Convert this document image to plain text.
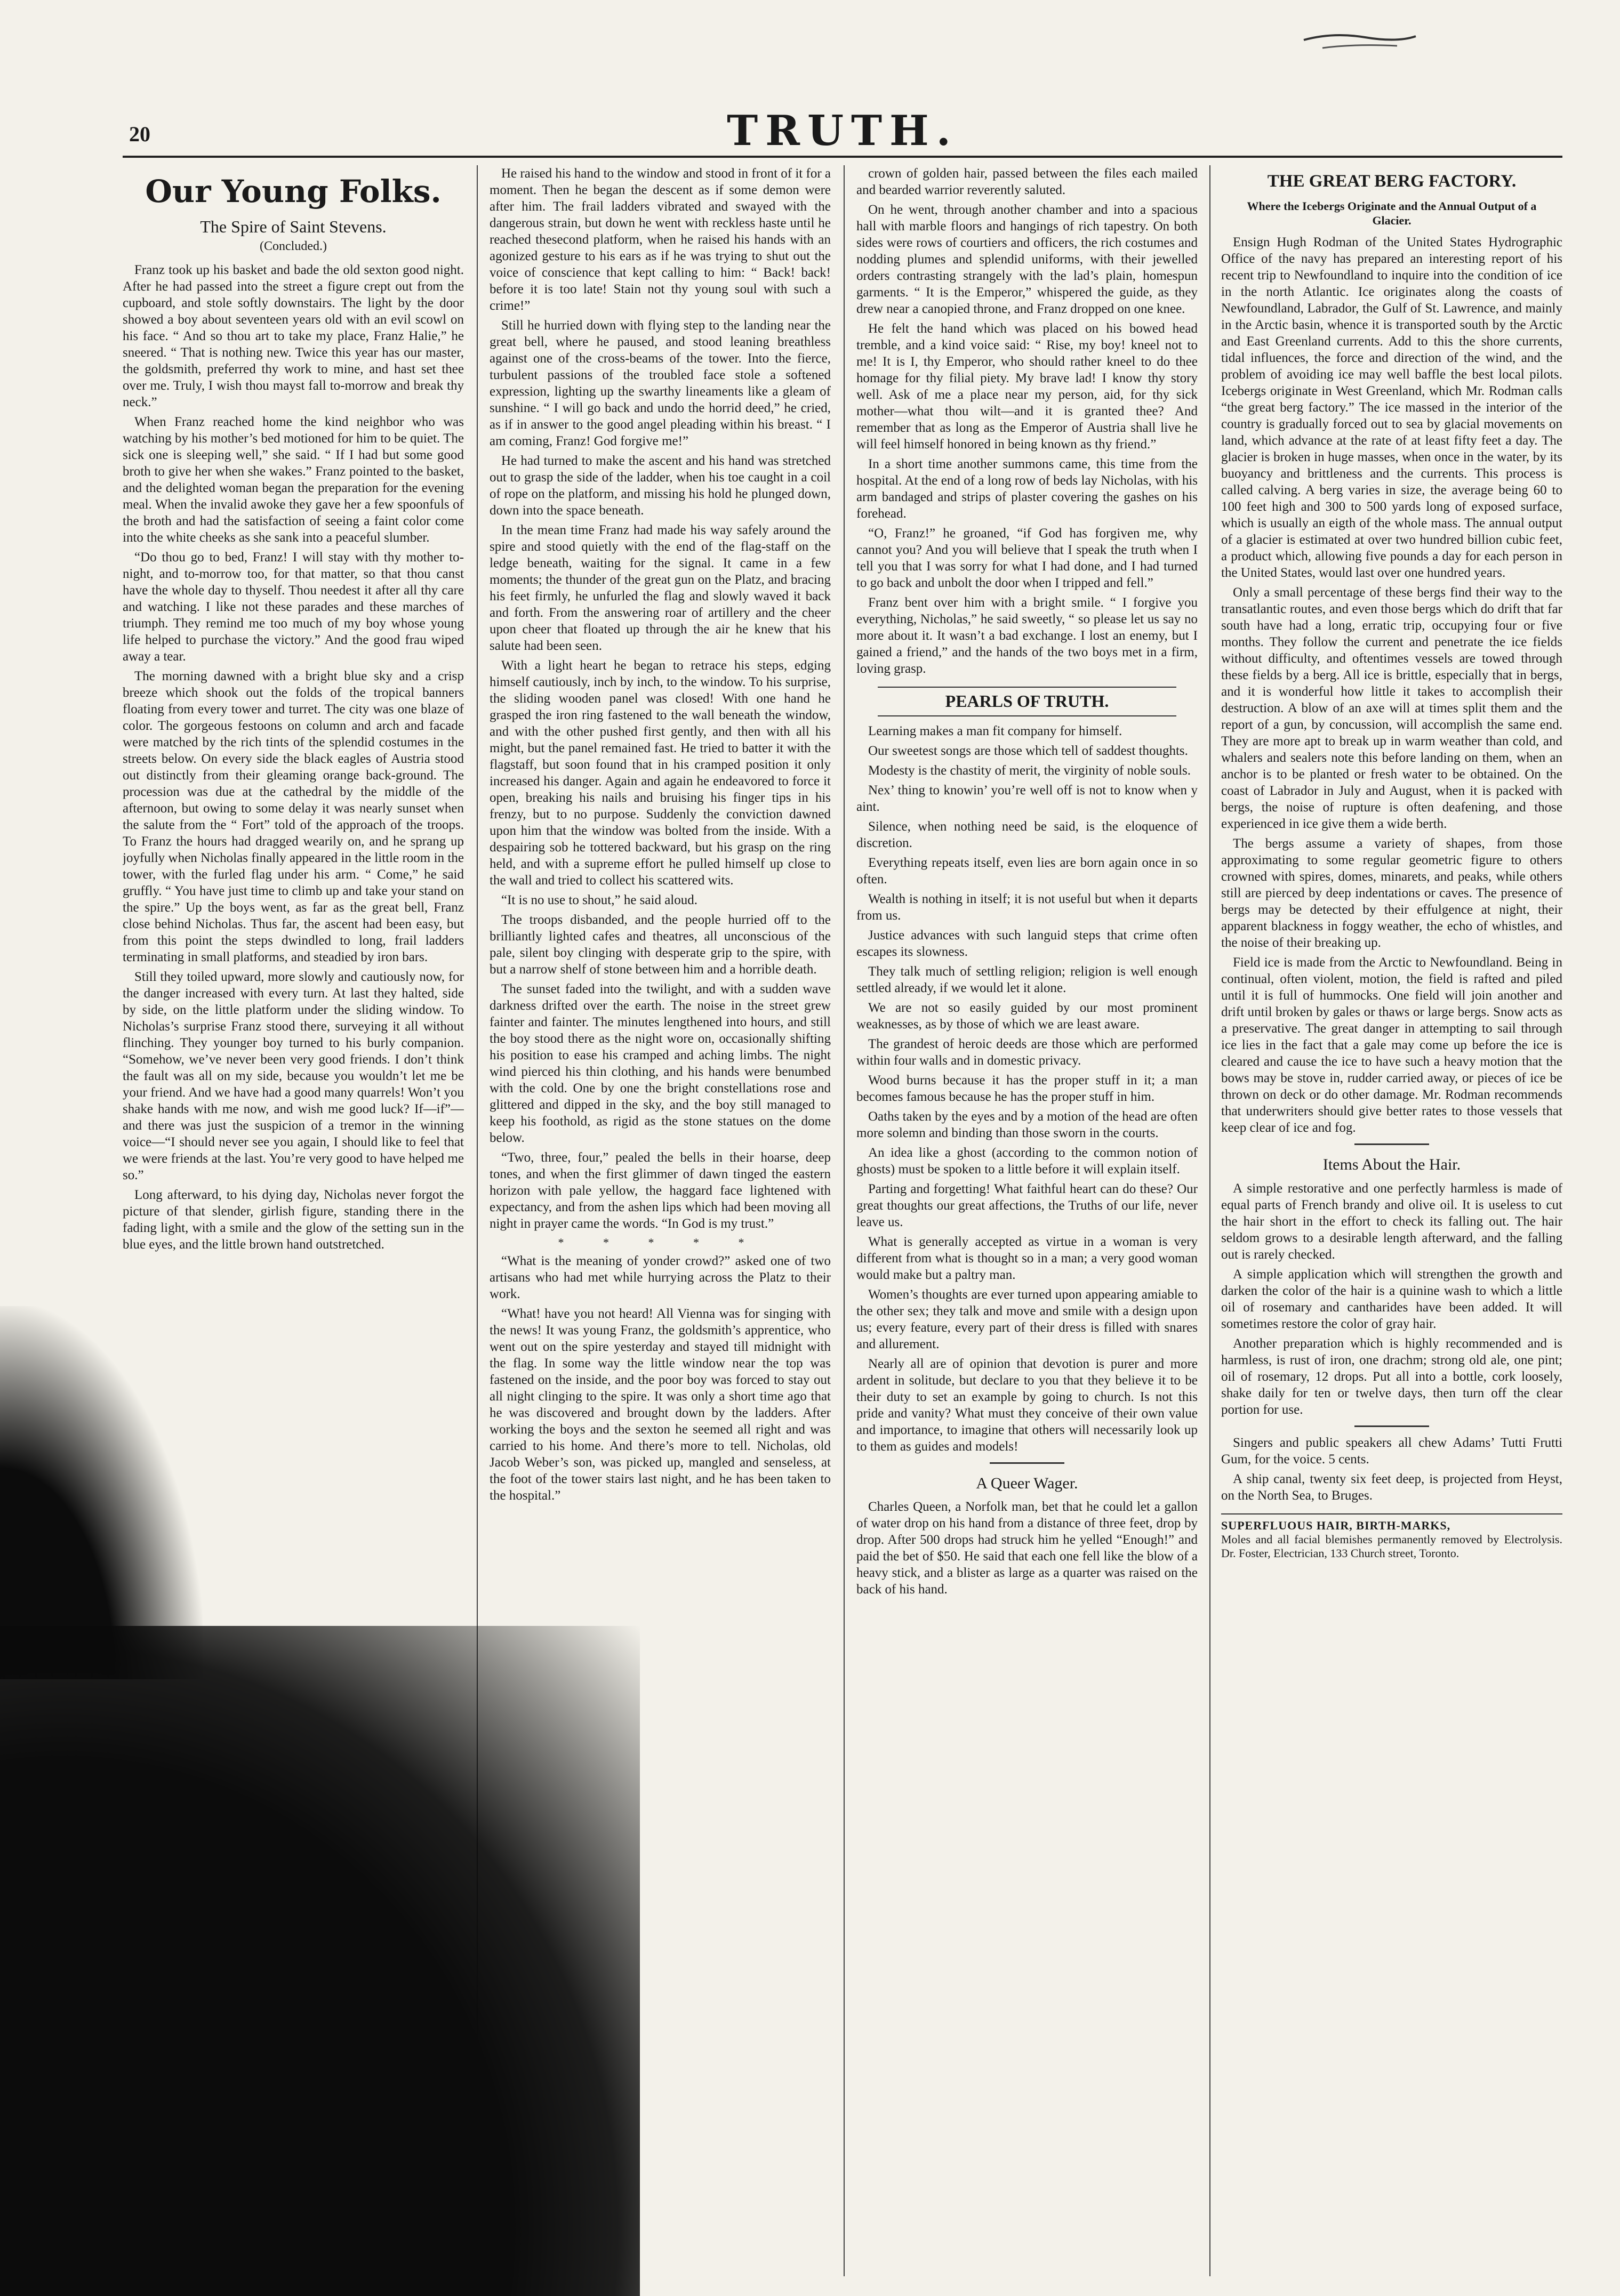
20	TRUTH.
Our Young Folks.
The Spire of Saint Stevens.
(Concluded.)

Franz took up his basket and bade the old sexton good night. After he had passed into the street a figure crept out from the cupboard, and stole softly downstairs. The light by the door showed a boy about seventeen years old with an evil scowl on his face. “ And so thou art to take my place, Franz Halie,” he sneered. “ That is nothing new. Twice this year has our master, the goldsmith, preferred thy work to mine, and hast set thee over me. Truly, I wish thou mayst fall to-morrow and break thy neck.”

When Franz reached home the kind neighbor who was watching by his mother’s bed motioned for him to be quiet. The sick one is sleeping well,” she said. “ If I had but some good broth to give her when she wakes.” Franz pointed to the basket, and the delighted woman began the preparation for the evening meal. When the invalid awoke they gave her a few spoonfuls of the broth and had the satisfaction of seeing a faint color come into the white cheeks as she sank into a peaceful slumber.

“Do thou go to bed, Franz! I will stay with thy mother to-night, and to-morrow too, for that matter, so that thou canst have the whole day to thyself. Thou needest it after all thy care and watching. I like not these parades and these marches of triumph. They remind me too much of my boy whose young life helped to purchase the victory.” And the good frau wiped away a tear.

The morning dawned with a bright blue sky and a crisp breeze which shook out the folds of the tropical banners floating from every tower and turret. The city was one blaze of color. The gorgeous festoons on column and arch and facade were matched by the rich tints of the splendid costumes in the streets below. On every side the black eagles of Austria stood out distinctly from their gleaming orange back-ground. The procession was due at the cathedral by the middle of the afternoon, but owing to some delay it was nearly sunset when the salute from the “ Fort” told of the approach of the troops. To Franz the hours had dragged wearily on, and he sprang up joyfully when Nicholas finally appeared in the little room in the tower, with the furled flag under his arm. “ Come,” he said gruffly. “ You have just time to climb up and take your stand on the spire.” Up the boys went, as far as the great bell, Franz close behind Nicholas. Thus far, the ascent had been easy, but from this point the steps dwindled to long, frail ladders terminating in small platforms, and steadied by iron bars.

Still they toiled upward, more slowly and cautiously now, for the danger increased with every turn. At last they halted, side by side, on the little platform under the sliding window. To Nicholas’s surprise Franz stood there, surveying it all without flinching. They younger boy turned to his burly companion. “Somehow, we’ve never been very good friends. I don’t think the fault was all on my side, because you wouldn’t let me be your friend. And we have had a good many quarrels! Won’t you shake hands with me now, and wish me good luck? If—if”—and there was just the suspicion of a tremor in the winning voice—“I should never see you again, I should like to feel that we were friends at the last. You’re very good to have helped me so.”

Long afterward, to his dying day, Nicholas never forgot the picture of that slender, girlish figure, standing there in the fading light, with a smile and the glow of the setting sun in the blue eyes, and the little brown hand outstretched.

He raised his hand to the window and stood in front of it for a moment. Then he began the descent as if some demon were after him. The frail ladders vibrated and swayed with the dangerous strain, but down he went with reckless haste until he reached thesecond platform, when he raised his hands with an agonized gesture to his ears as if he was trying to shut out the voice of conscience that kept calling to him: “ Back! back! before it is too late! Stain not thy young soul with such a crime!”

Still he hurried down with flying step to the landing near the great bell, where he paused, and stood leaning breathless against one of the cross-beams of the tower. Into the fierce, turbulent passions of the troubled face stole a softened expression, lighting up the swarthy lineaments like a gleam of sunshine. “ I will go back and undo the horrid deed,” he cried, as if in answer to the good angel pleading within his breast. “ I am coming, Franz! God forgive me!”

He had turned to make the ascent and his hand was stretched out to grasp the side of the ladder, when his toe caught in a coil of rope on the platform, and missing his hold he plunged down, down into the space beneath.

In the mean time Franz had made his way safely around the spire and stood quietly with the end of the flag-staff on the ledge beneath, waiting for the signal. It came in a few moments; the thunder of the great gun on the Platz, and bracing his feet firmly, he unfurled the flag and slowly waved it back and forth. From the answering roar of artillery and the cheer upon cheer that floated up through the air he knew that his salute had been seen.

With a light heart he began to retrace his steps, edging himself cautiously, inch by inch, to the window. To his surprise, the sliding wooden panel was closed! With one hand he grasped the iron ring fastened to the wall beneath the window, and with the other pushed first gently, and then with all his might, but the panel remained fast. He tried to batter it with the flagstaff, but soon found that in his cramped position it only increased his danger. Again and again he endeavored to force it open, breaking his nails and bruising his finger tips in his frenzy, but to no purpose. Suddenly the conviction dawned upon him that the window was bolted from the inside. With a despairing sob he tottered backward, but his grasp on the ring held, and with a supreme effort he pulled himself up close to the wall and tried to collect his scattered wits.

“It is no use to shout,” he said aloud.

The troops disbanded, and the people hurried off to the brilliantly lighted cafes and theatres, all unconscious of the pale, silent boy clinging with desperate grip to the spire, with but a narrow shelf of stone between him and a horrible death.

The sunset faded into the twilight, and with a sudden wave darkness drifted over the earth. The noise in the street grew fainter and fainter. The minutes lengthened into hours, and still the boy stood there as the night wore on, occasionally shifting his position to ease his cramped and aching limbs. The night wind pierced his thin clothing, and his hands were benumbed with the cold. One by one the bright constellations rose and glittered and dipped in the sky, and the boy still managed to keep his foothold, as rigid as the stone statues on the dome below.

“Two, three, four,” pealed the bells in their hoarse, deep tones, and when the first glimmer of dawn tinged the eastern horizon with pale yellow, the haggard face lightened with expectancy, and from the ashen lips which had been moving all night in prayer came the words. “In God is my trust.”

* * * * *

“What is the meaning of yonder crowd?” asked one of two artisans who had met while hurrying across the Platz to their work.

“What! have you not heard! All Vienna was for singing with the news! It was young Franz, the goldsmith’s apprentice, who went out on the spire yesterday and stayed till midnight with the flag. In some way the little window near the top was fastened on the inside, and the poor boy was forced to stay out all night clinging to the spire. It was only a short time ago that he was discovered and brought down by the ladders. After working the boys and the sexton he seemed all right and was carried to his home. And there’s more to tell. Nicholas, old Jacob Weber’s son, was picked up, mangled and senseless, at the foot of the tower stairs last night, and he has been taken to the hospital.”

crown of golden hair, passed between the files each mailed and bearded warrior reverently saluted.

On he went, through another chamber and into a spacious hall with marble floors and hangings of rich tapestry. On both sides were rows of courtiers and officers, the rich costumes and nodding plumes and splendid uniforms, with their jewelled orders contrasting strangely with the lad’s plain, homespun garments. “ It is the Emperor,” whispered the guide, as they drew near a canopied throne, and Franz dropped on one knee.

He felt the hand which was placed on his bowed head tremble, and a kind voice said: “ Rise, my boy! kneel not to me! It is I, thy Emperor, who should rather kneel to do thee homage for thy filial piety. My brave lad! I know thy story well. Ask of me a place near my person, aid, for thy sick mother—what thou wilt—and it is granted thee? And remember that as long as the Emperor of Austria shall live he will feel himself honored in being known as thy friend.”

In a short time another summons came, this time from the hospital. At the end of a long row of beds lay Nicholas, with his arm bandaged and strips of plaster covering the gashes on his forehead.

“O, Franz!” he groaned, “if God has forgiven me, why cannot you? And you will believe that I speak the truth when I tell you that I was sorry for what I had done, and I had turned to go back and unbolt the door when I tripped and fell.”

Franz bent over him with a bright smile. “ I forgive you everything, Nicholas,” he said sweetly, “ so please let us say no more about it. It wasn’t a bad exchange. I lost an enemy, but I gained a friend,” and the hands of the two boys met in a firm, loving grasp.

PEARLS OF TRUTH.

Learning makes a man fit company for himself.

Our sweetest songs are those which tell of saddest thoughts.

Modesty is the chastity of merit, the virginity of noble souls.

Nex’ thing to knowin’ you’re well off is not to know when y aint.

Silence, when nothing need be said, is the eloquence of discretion.

Everything repeats itself, even lies are born again once in so often.

Wealth is nothing in itself; it is not useful but when it departs from us.

Justice advances with such languid steps that crime often escapes its slowness.

They talk much of settling religion; religion is well enough settled already, if we would let it alone.

We are not so easily guided by our most prominent weaknesses, as by those of which we are least aware.

The grandest of heroic deeds are those which are performed within four walls and in domestic privacy.

Wood burns because it has the proper stuff in it; a man becomes famous because he has the proper stuff in him.

Oaths taken by the eyes and by a motion of the head are often more solemn and binding than those sworn in the courts.

An idea like a ghost (according to the common notion of ghosts) must be spoken to a little before it will explain itself.

Parting and forgetting! What faithful heart can do these? Our great thoughts our great affections, the Truths of our life, never leave us.

What is generally accepted as virtue in a woman is very different from what is thought so in a man; a very good woman would make but a paltry man.

Women’s thoughts are ever turned upon appearing amiable to the other sex; they talk and move and smile with a design upon us; every feature, every part of their dress is filled with snares and allurement.

Nearly all are of opinion that devotion is purer and more ardent in solitude, but declare to you that they believe it to be their duty to set an example by going to church. Is not this pride and vanity? What must they conceive of their own value and importance, to imagine that others will necessarily look up to them as guides and models!

A Queer Wager.

Charles Queen, a Norfolk man, bet that he could let a gallon of water drop on his hand from a distance of three feet, drop by drop. After 500 drops had struck him he yelled “Enough!” and paid the bet of $50. He said that each one fell like the blow of a heavy stick, and a blister as large as a quarter was raised on the back of his hand.

THE GREAT BERG FACTORY.
Where the Icebergs Originate and the Annual Output of a Glacier.

Ensign Hugh Rodman of the United States Hydrographic Office of the navy has prepared an interesting report of his recent trip to Newfoundland to inquire into the condition of ice in the north Atlantic. Ice originates along the coasts of Newfoundland, Labrador, the Gulf of St. Lawrence, and mainly in the Arctic basin, whence it is transported south by the Arctic and East Greenland currents. Add to this the shore currents, tidal influences, the force and direction of the wind, and the problem of avoiding ice may well baffle the best local pilots. Icebergs originate in West Greenland, which Mr. Rodman calls “the great berg factory.” The ice massed in the interior of the country is gradually forced out to sea by glacial movements on land, which advance at the rate of at least fifty feet a day. The glacier is broken in huge masses, when once in the water, by its buoyancy and brittleness and the currents. This process is called calving. A berg varies in size, the average being 60 to 100 feet high and 300 to 500 yards long of exposed surface, which is usually an eigth of the whole mass. The annual output of a glacier is estimated at over two hundred billion cubic feet, a product which, allowing five pounds a day for each person in the United States, would last over one hundred years.

Only a small percentage of these bergs find their way to the transatlantic routes, and even those bergs which do drift that far south have had a long, erratic trip, occupying four or five months. They follow the current and penetrate the ice fields without difficulty, and oftentimes vessels are towed through these fields by a berg. All ice is brittle, especially that in bergs, and it is wonderful how little it takes to accomplish their destruction. A blow of an axe will at times split them and the report of a gun, by concussion, will accomplish the same end. They are more apt to break up in warm weather than cold, and whalers and sealers note this before landing on them, when an anchor is to be planted or fresh water to be obtained. On the coast of Labrador in July and August, when it is packed with bergs, the noise of rupture is often deafening, and those experienced in ice give them a wide berth.

The bergs assume a variety of shapes, from those approximating to some regular geometric figure to others crowned with spires, domes, minarets, and peaks, while others still are pierced by deep indentations or caves. The presence of bergs may be detected by their effulgence at night, their apparent blackness in foggy weather, the echo of whistles, and the noise of their breaking up.

Field ice is made from the Arctic to Newfoundland. Being in continual, often violent, motion, the field is rafted and piled until it is full of hummocks. One field will join another and drift until broken by gales or thaws or large bergs. Snow acts as a preservative. The great danger in attempting to sail through ice lies in the fact that a gale may come up before the ice is cleared and cause the ice to have such a heavy motion that the bows may be stove in, rudder carried away, or pieces of ice be thrown on deck or do other damage. Mr. Rodman recommends that underwriters should give better rates to those vessels that keep clear of ice and fog.

Items About the Hair.

A simple restorative and one perfectly harmless is made of equal parts of French brandy and olive oil. It is useless to cut the hair short in the effort to check its falling out. The hair seldom grows to a desirable length afterward, and the falling out is rarely checked.

A simple application which will strengthen the growth and darken the color of the hair is a quinine wash to which a little oil of rosemary and cantharides have been added. It will sometimes restore the color of gray hair.

Another preparation which is highly recommended and is harmless, is rust of iron, one drachm; strong old ale, one pint; oil of rosemary, 12 drops. Put all into a bottle, cork loosely, shake daily for ten or twelve days, then turn off the clear portion for use.

Singers and public speakers all chew Adams’ Tutti Frutti Gum, for the voice. 5 cents.

A ship canal, twenty six feet deep, is projected from Heyst, on the North Sea, to Bruges.

SUPERFLUOUS HAIR, BIRTH-MARKS,
Moles and all facial blemishes permanently removed by Electrolysis. Dr. Foster, Electrician, 133 Church street, Toronto.
